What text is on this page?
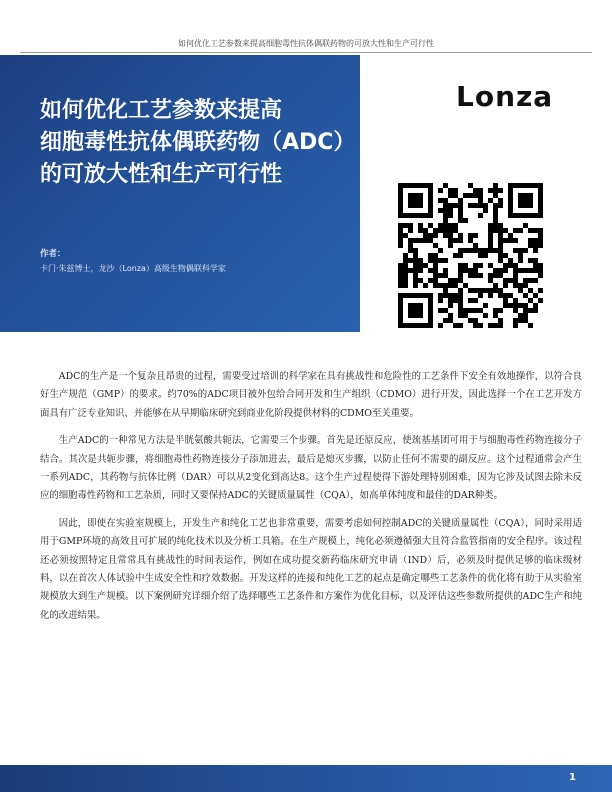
如何优化工艺参数来提高细胞毒性抗体偶联药物的可放大性和生产可行性
如何优化工艺参数来提高
细胞毒性抗体偶联药物（ADC）
的可放大性和生产可行性
作者：
卡门·朱兹博士，龙沙（Lonza）高级生物偶联科学家
Lonza

ADC的生产是一个复杂且昂贵的过程，需要受过培训的科学家在具有挑战性和危险性的工艺条件下安全有效地操作，以符合良好生产规范（GMP）的要求。约70%的ADC项目被外包给合同开发和生产组织（CDMO）进行开发，因此选择一个在工艺开发方面具有广泛专业知识、并能够在从早期临床研究到商业化阶段提供材料的CDMO至关重要。

生产ADC的一种常见方法是半胱氨酸共轭法，它需要三个步骤。首先是还原反应，使巯基基团可用于与细胞毒性药物连接分子结合。其次是共轭步骤，将细胞毒性药物连接分子添加进去，最后是熄灭步骤，以防止任何不需要的副反应。这个过程通常会产生一系列ADC，其药物与抗体比例（DAR）可以从2变化到高达8。这个生产过程使得下游处理特别困难，因为它涉及试图去除未反应的细胞毒性药物和工艺杂质，同时又要保持ADC的关键质量属性（CQA），如高单体纯度和最佳的DAR种类。

因此，即使在实验室规模上，开发生产和纯化工艺也非常重要，需要考虑如何控制ADC的关键质量属性（CQA），同时采用适用于GMP环境的高效且可扩展的纯化技术以及分析工具箱。在生产规模上，纯化必须遵循强大且符合监管指南的安全程序。该过程还必须按照特定且常常具有挑战性的时间表运作，例如在成功提交新药临床研究申请（IND）后，必须及时提供足够的临床级材料，以在首次人体试验中生成安全性和疗效数据。开发这样的连接和纯化工艺的起点是确定哪些工艺条件的优化将有助于从实验室规模放大到生产规模。以下案例研究详细介绍了选择哪些工艺条件和方案作为优化目标，以及评估这些参数所提供的ADC生产和纯化的改进结果。

1
